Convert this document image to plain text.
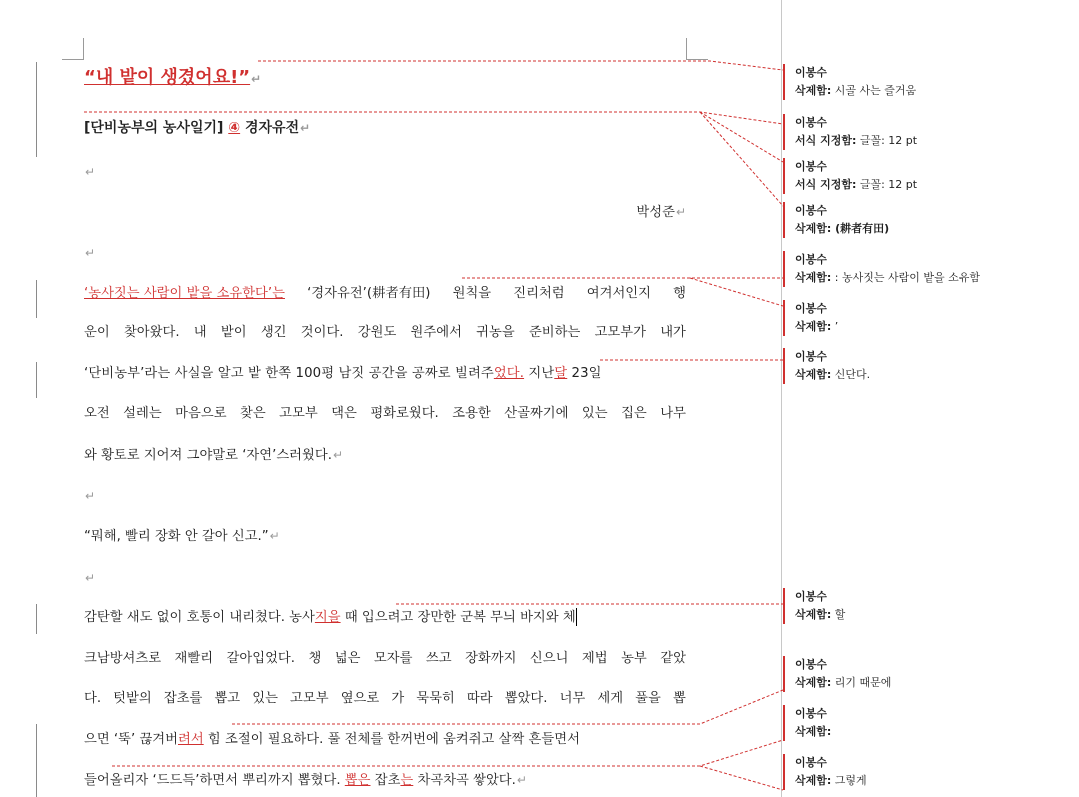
“내 밭이 생겼어요!”↵
[단비농부의 농사일기] ④ 경자유전↵
↵
박성준↵
↵
‘농사짓는 사람이 밭을 소유한다’는 ‘경자유전’(耕者有田) 원칙을 진리처럼 여겨서인지 행
운이 찾아왔다. 내 밭이 생긴 것이다. 강원도 원주에서 귀농을 준비하는 고모부가 내가
‘단비농부’라는 사실을 알고 밭 한쪽 100평 남짓 공간을 공짜로 빌려주었다. 지난달 23일
오전 설레는 마음으로 찾은 고모부 댁은 평화로웠다. 조용한 산골짜기에 있는 집은 나무
와 황토로 지어져 그야말로 ‘자연’스러웠다.↵
↵
“뭐해, 빨리 장화 안 갈아 신고.”↵
↵
감탄할 새도 없이 호통이 내리쳤다. 농사지을 때 입으려고 장만한 군복 무늬 바지와 체
크남방셔츠로 재빨리 갈아입었다. 챙 넓은 모자를 쓰고 장화까지 신으니 제법 농부 같았
다. 텃밭의 잡초를 뽑고 있는 고모부 옆으로 가 묵묵히 따라 뽑았다. 너무 세게 풀을 뽑
으면 ‘뚝’ 끊겨버려서 힘 조절이 필요하다. 풀 전체를 한꺼번에 움켜쥐고 살짝 흔들면서
들어올리자 ‘드드득’하면서 뿌리까지 뽑혔다. 뽑은 잡초는 차곡차곡 쌓았다.↵
이봉수
삭제함: 시골 사는 즐거움
이봉수
서식 지정함: 글꼴: 12 pt
이봉수
서식 지정함: 글꼴: 12 pt
이봉수
삭제함: (耕者有田)
이봉수
삭제함: : 농사짓는 사람이 밭을 소유함
이봉수
삭제함: ’
이봉수
삭제함: 신단다.
이봉수
삭제함: 할
이봉수
삭제함: 리기 때문에
이봉수
삭제함:
이봉수
삭제함: 그렇게
